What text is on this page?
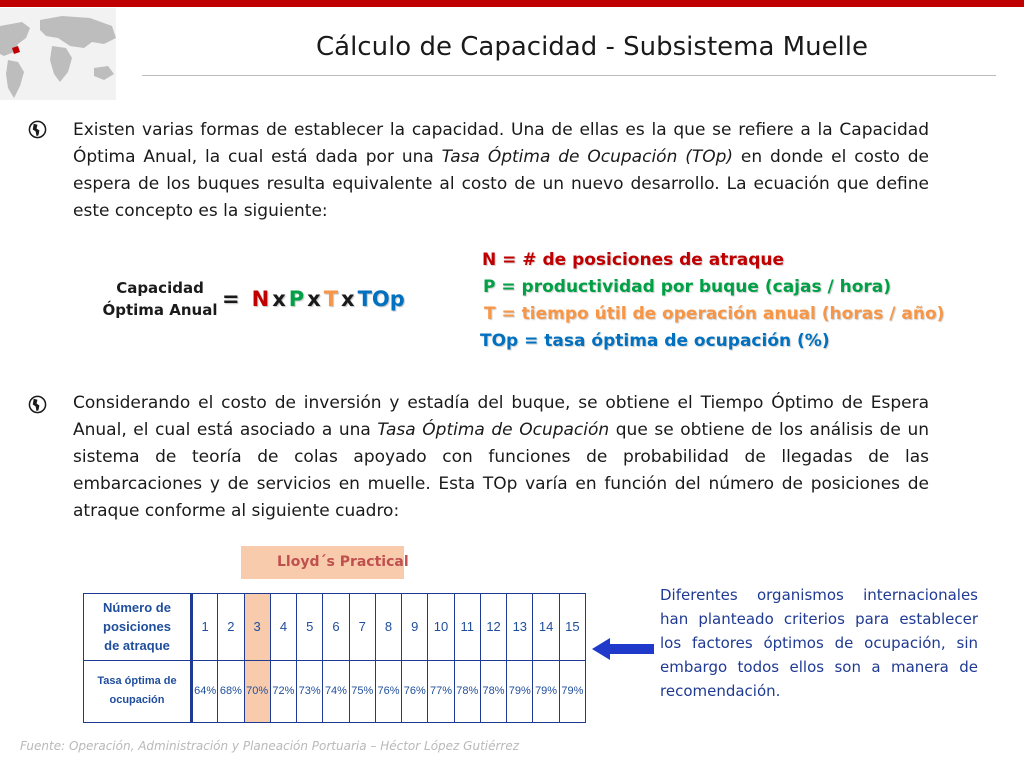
Cálculo de Capacidad - Subsistema Muelle

Existen varias formas de establecer la capacidad. Una de ellas es la que se refiere a la Capacidad Óptima Anual, la cual está dada por una Tasa Óptima de Ocupación (TOp) en donde el costo de espera de los buques resulta equivalente al costo de un nuevo desarrollo. La ecuación que define este concepto es la siguiente:

Capacidad
Óptima Anual = N x P x T x TOp
N = # de posiciones de atraque
P = productividad por buque (cajas / hora)
T = tiempo útil de operación anual (horas / año)
TOp = tasa óptima de ocupación (%)

Considerando el costo de inversión y estadía del buque, se obtiene el Tiempo Óptimo de Espera Anual, el cual está asociado a una Tasa Óptima de Ocupación que se obtiene de los análisis de un sistema de teoría de colas apoyado con funciones de probabilidad de llegadas de las embarcaciones y de servicios en muelle. Esta TOp varía en función del número de posiciones de atraque conforme al siguiente cuadro:

Lloyd´s Practical
Número de posiciones
de atraque	1	2	3	4	5	6	7	8	9	10	11	12	13	14	15

Tasa óptima de
ocupación	64%	68%	70%	72%	73%	74%	75%	76%	76%	77%	78%	78%	79%	79%	79%
Diferentes organismos internacionales han planteado criterios para establecer los factores óptimos de ocupación, sin embargo todos ellos son a manera de recomendación.
Fuente: Operación, Administración y Planeación Portuaria – Héctor López Gutiérrez
